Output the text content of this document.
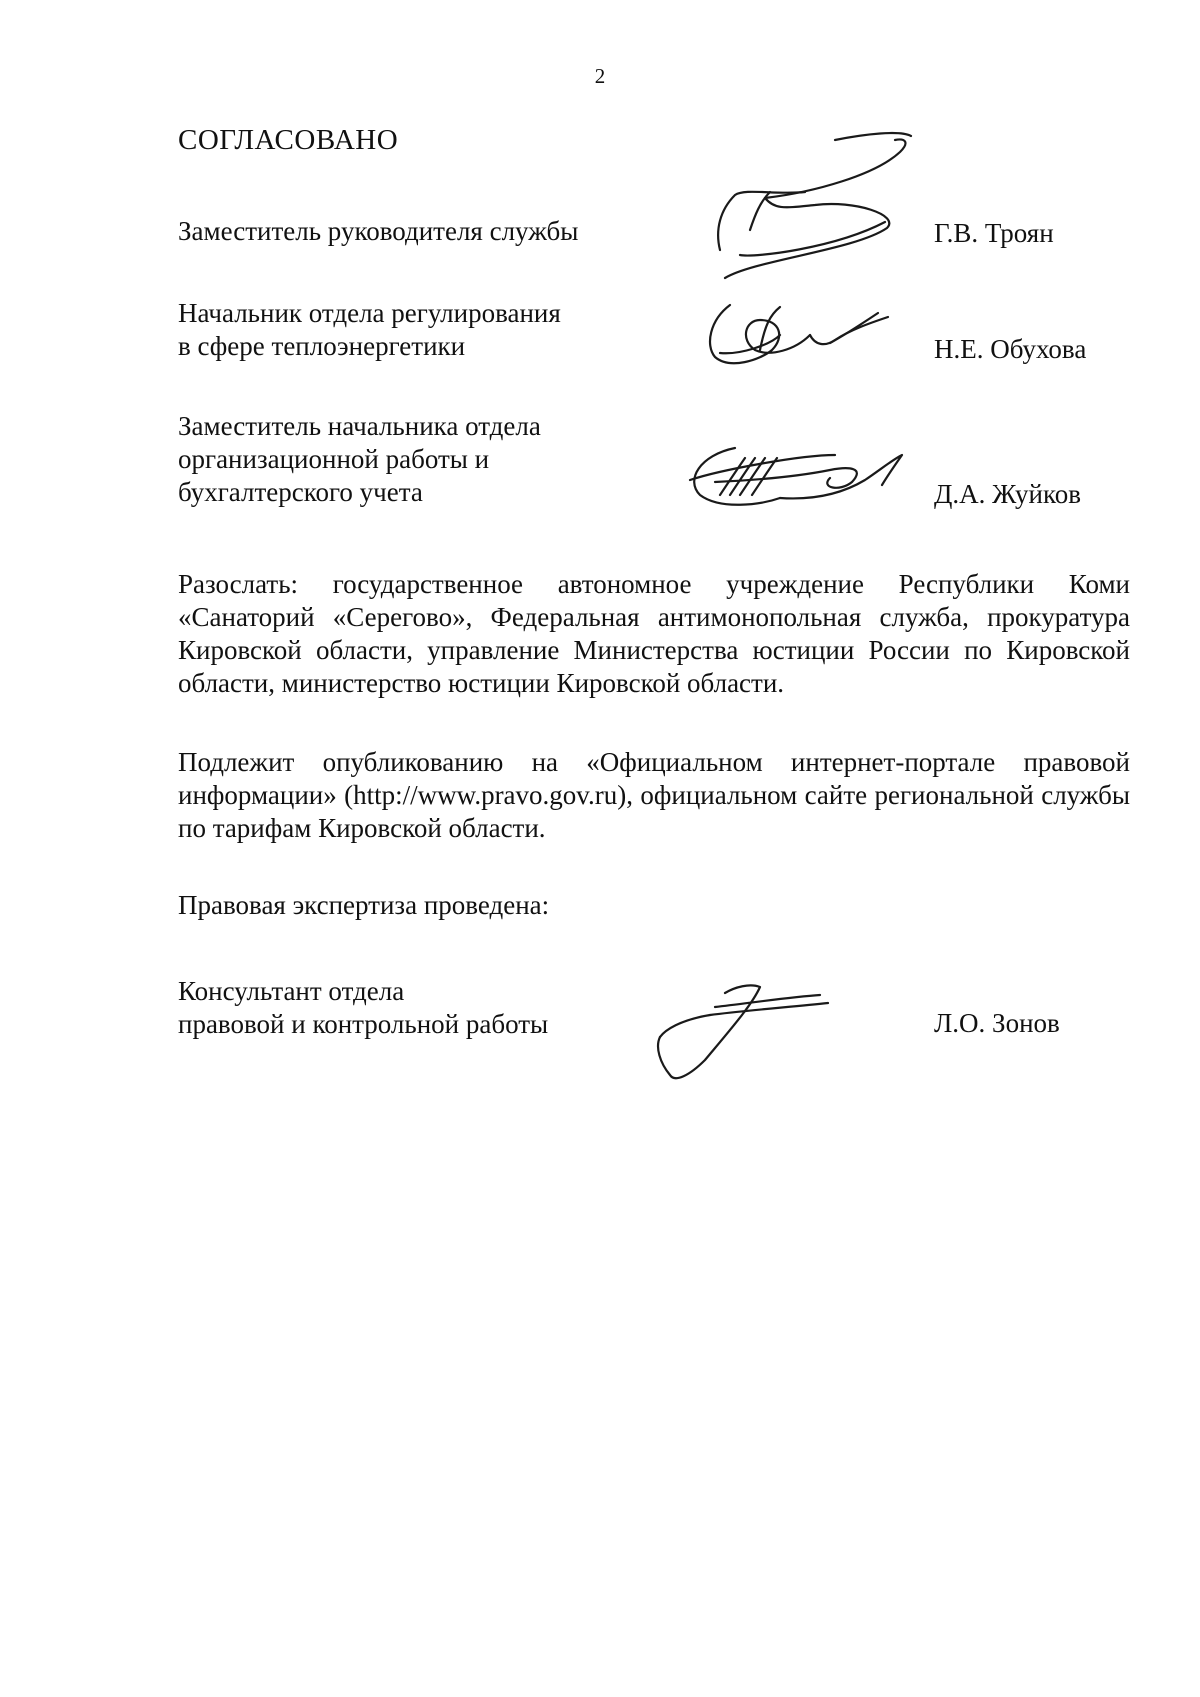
2
СОГЛАСОВАНО
Заместитель руководителя службы	Г.В. Троян
Начальник отдела регулирования
в сфере теплоэнергетики	Н.Е. Обухова
Заместитель начальника отдела
организационной работы и
бухгалтерского учета	Д.А. Жуйков
Разослать: государственное автономное учреждение Республики Коми «Санаторий «Серегово», Федеральная антимонопольная служба, прокуратура Кировской области, управление Министерства юстиции России по Кировской области, министерство юстиции Кировской области.
Подлежит опубликованию на «Официальном интернет-портале правовой информации» (http://www.pravo.gov.ru), официальном сайте региональной службы по тарифам Кировской области.
Правовая экспертиза проведена:
Консультант отдела
правовой и контрольной работы	Л.О. Зонов
